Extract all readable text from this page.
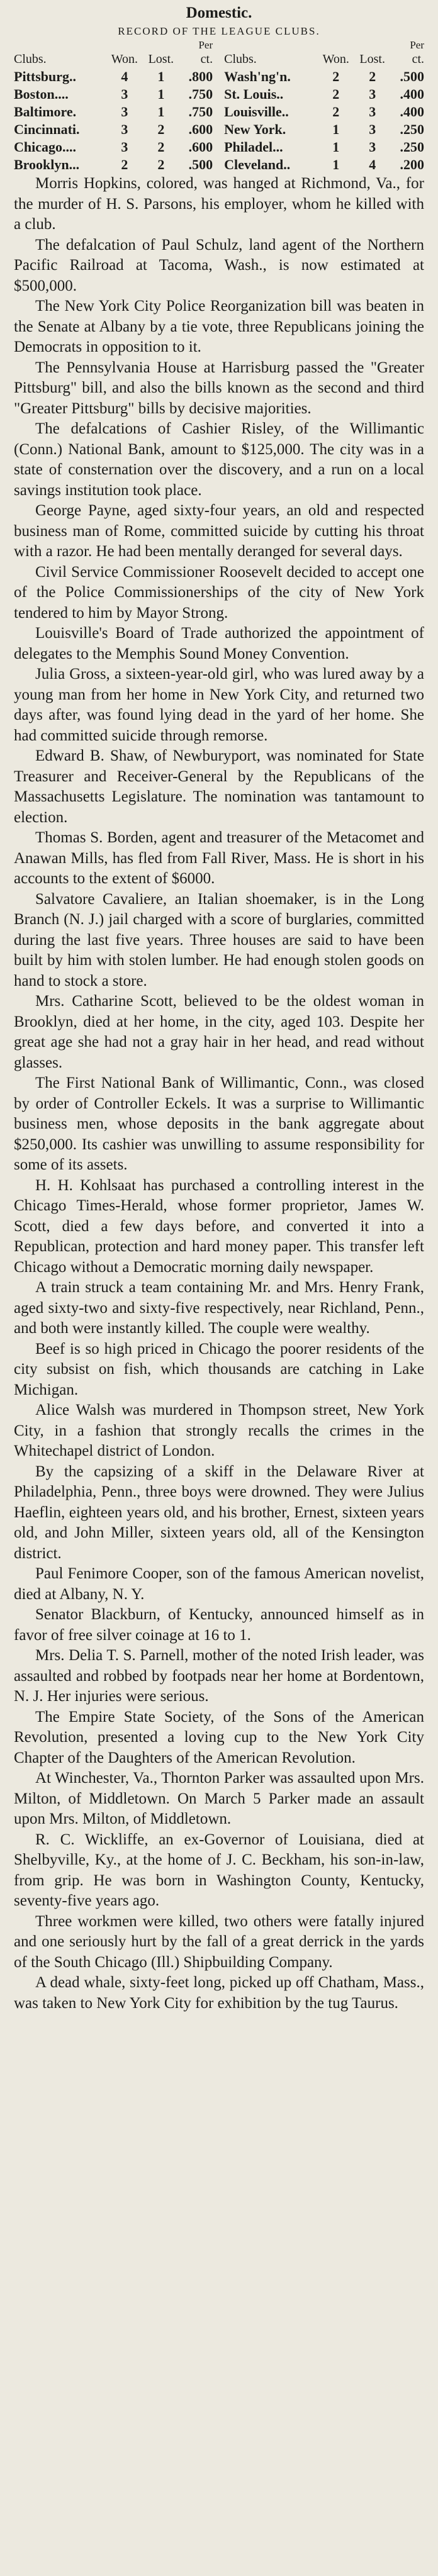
Domestic.
RECORD OF THE LEAGUE CLUBS.
			Per					Per
Clubs.	Won.	Lost.	ct.		Clubs.	Won.	Lost.	ct.
Pittsburg..	4	1	.800		Wash'ng'n.	2	2	.500
Boston....	3	1	.750		St. Louis..	2	3	.400
Baltimore.	3	1	.750		Louisville..	2	3	.400
Cincinnati.	3	2	.600		New York.	1	3	.250
Chicago....	3	2	.600		Philadel...	1	3	.250
Brooklyn...	2	2	.500		Cleveland..	1	4	.200

Morris Hopkins, colored, was hanged at Richmond, Va., for the murder of H. S. Parsons, his employer, whom he killed with a club.

The defalcation of Paul Schulz, land agent of the Northern Pacific Railroad at Tacoma, Wash., is now estimated at $500,000.

The New York City Police Reorganization bill was beaten in the Senate at Albany by a tie vote, three Republicans joining the Democrats in opposition to it.

The Pennsylvania House at Harrisburg passed the "Greater Pittsburg" bill, and also the bills known as the second and third "Greater Pittsburg" bills by decisive majorities.

The defalcations of Cashier Risley, of the Willimantic (Conn.) National Bank, amount to $125,000. The city was in a state of consternation over the discovery, and a run on a local savings institution took place.

George Payne, aged sixty-four years, an old and respected business man of Rome, committed suicide by cutting his throat with a razor. He had been mentally deranged for several days.

Civil Service Commissioner Roosevelt decided to accept one of the Police Commissionerships of the city of New York tendered to him by Mayor Strong.

Louisville's Board of Trade authorized the appointment of delegates to the Memphis Sound Money Convention.

Julia Gross, a sixteen-year-old girl, who was lured away by a young man from her home in New York City, and returned two days after, was found lying dead in the yard of her home. She had committed suicide through remorse.

Edward B. Shaw, of Newburyport, was nominated for State Treasurer and Receiver-General by the Republicans of the Massachusetts Legislature. The nomination was tantamount to election.

Thomas S. Borden, agent and treasurer of the Metacomet and Anawan Mills, has fled from Fall River, Mass. He is short in his accounts to the extent of $6000.

Salvatore Cavaliere, an Italian shoemaker, is in the Long Branch (N. J.) jail charged with a score of burglaries, committed during the last five years. Three houses are said to have been built by him with stolen lumber. He had enough stolen goods on hand to stock a store.

Mrs. Catharine Scott, believed to be the oldest woman in Brooklyn, died at her home, in the city, aged 103. Despite her great age she had not a gray hair in her head, and read without glasses.

The First National Bank of Willimantic, Conn., was closed by order of Controller Eckels. It was a surprise to Willimantic business men, whose deposits in the bank aggregate about $250,000. Its cashier was unwilling to assume responsibility for some of its assets.

H. H. Kohlsaat has purchased a controlling interest in the Chicago Times-Herald, whose former proprietor, James W. Scott, died a few days before, and converted it into a Republican, protection and hard money paper. This transfer left Chicago without a Democratic morning daily newspaper.

A train struck a team containing Mr. and Mrs. Henry Frank, aged sixty-two and sixty-five respectively, near Richland, Penn., and both were instantly killed. The couple were wealthy.

Beef is so high priced in Chicago the poorer residents of the city subsist on fish, which thousands are catching in Lake Michigan.

Alice Walsh was murdered in Thompson street, New York City, in a fashion that strongly recalls the crimes in the Whitechapel district of London.

By the capsizing of a skiff in the Delaware River at Philadelphia, Penn., three boys were drowned. They were Julius Haeflin, eighteen years old, and his brother, Ernest, sixteen years old, and John Miller, sixteen years old, all of the Kensington district.

Paul Fenimore Cooper, son of the famous American novelist, died at Albany, N. Y.

Senator Blackburn, of Kentucky, announced himself as in favor of free silver coinage at 16 to 1.

Mrs. Delia T. S. Parnell, mother of the noted Irish leader, was assaulted and robbed by footpads near her home at Bordentown, N. J. Her injuries were serious.

The Empire State Society, of the Sons of the American Revolution, presented a loving cup to the New York City Chapter of the Daughters of the American Revolution.

At Winchester, Va., Thornton Parker was assaulted upon Mrs. Milton, of Middletown. On March 5 Parker made an assault upon Mrs. Milton, of Middletown.

R. C. Wickliffe, an ex-Governor of Louisiana, died at Shelbyville, Ky., at the home of J. C. Beckham, his son-in-law, from grip. He was born in Washington County, Kentucky, seventy-five years ago.

Three workmen were killed, two others were fatally injured and one seriously hurt by the fall of a great derrick in the yards of the South Chicago (Ill.) Shipbuilding Company.

A dead whale, sixty-feet long, picked up off Chatham, Mass., was taken to New York City for exhibition by the tug Taurus.
